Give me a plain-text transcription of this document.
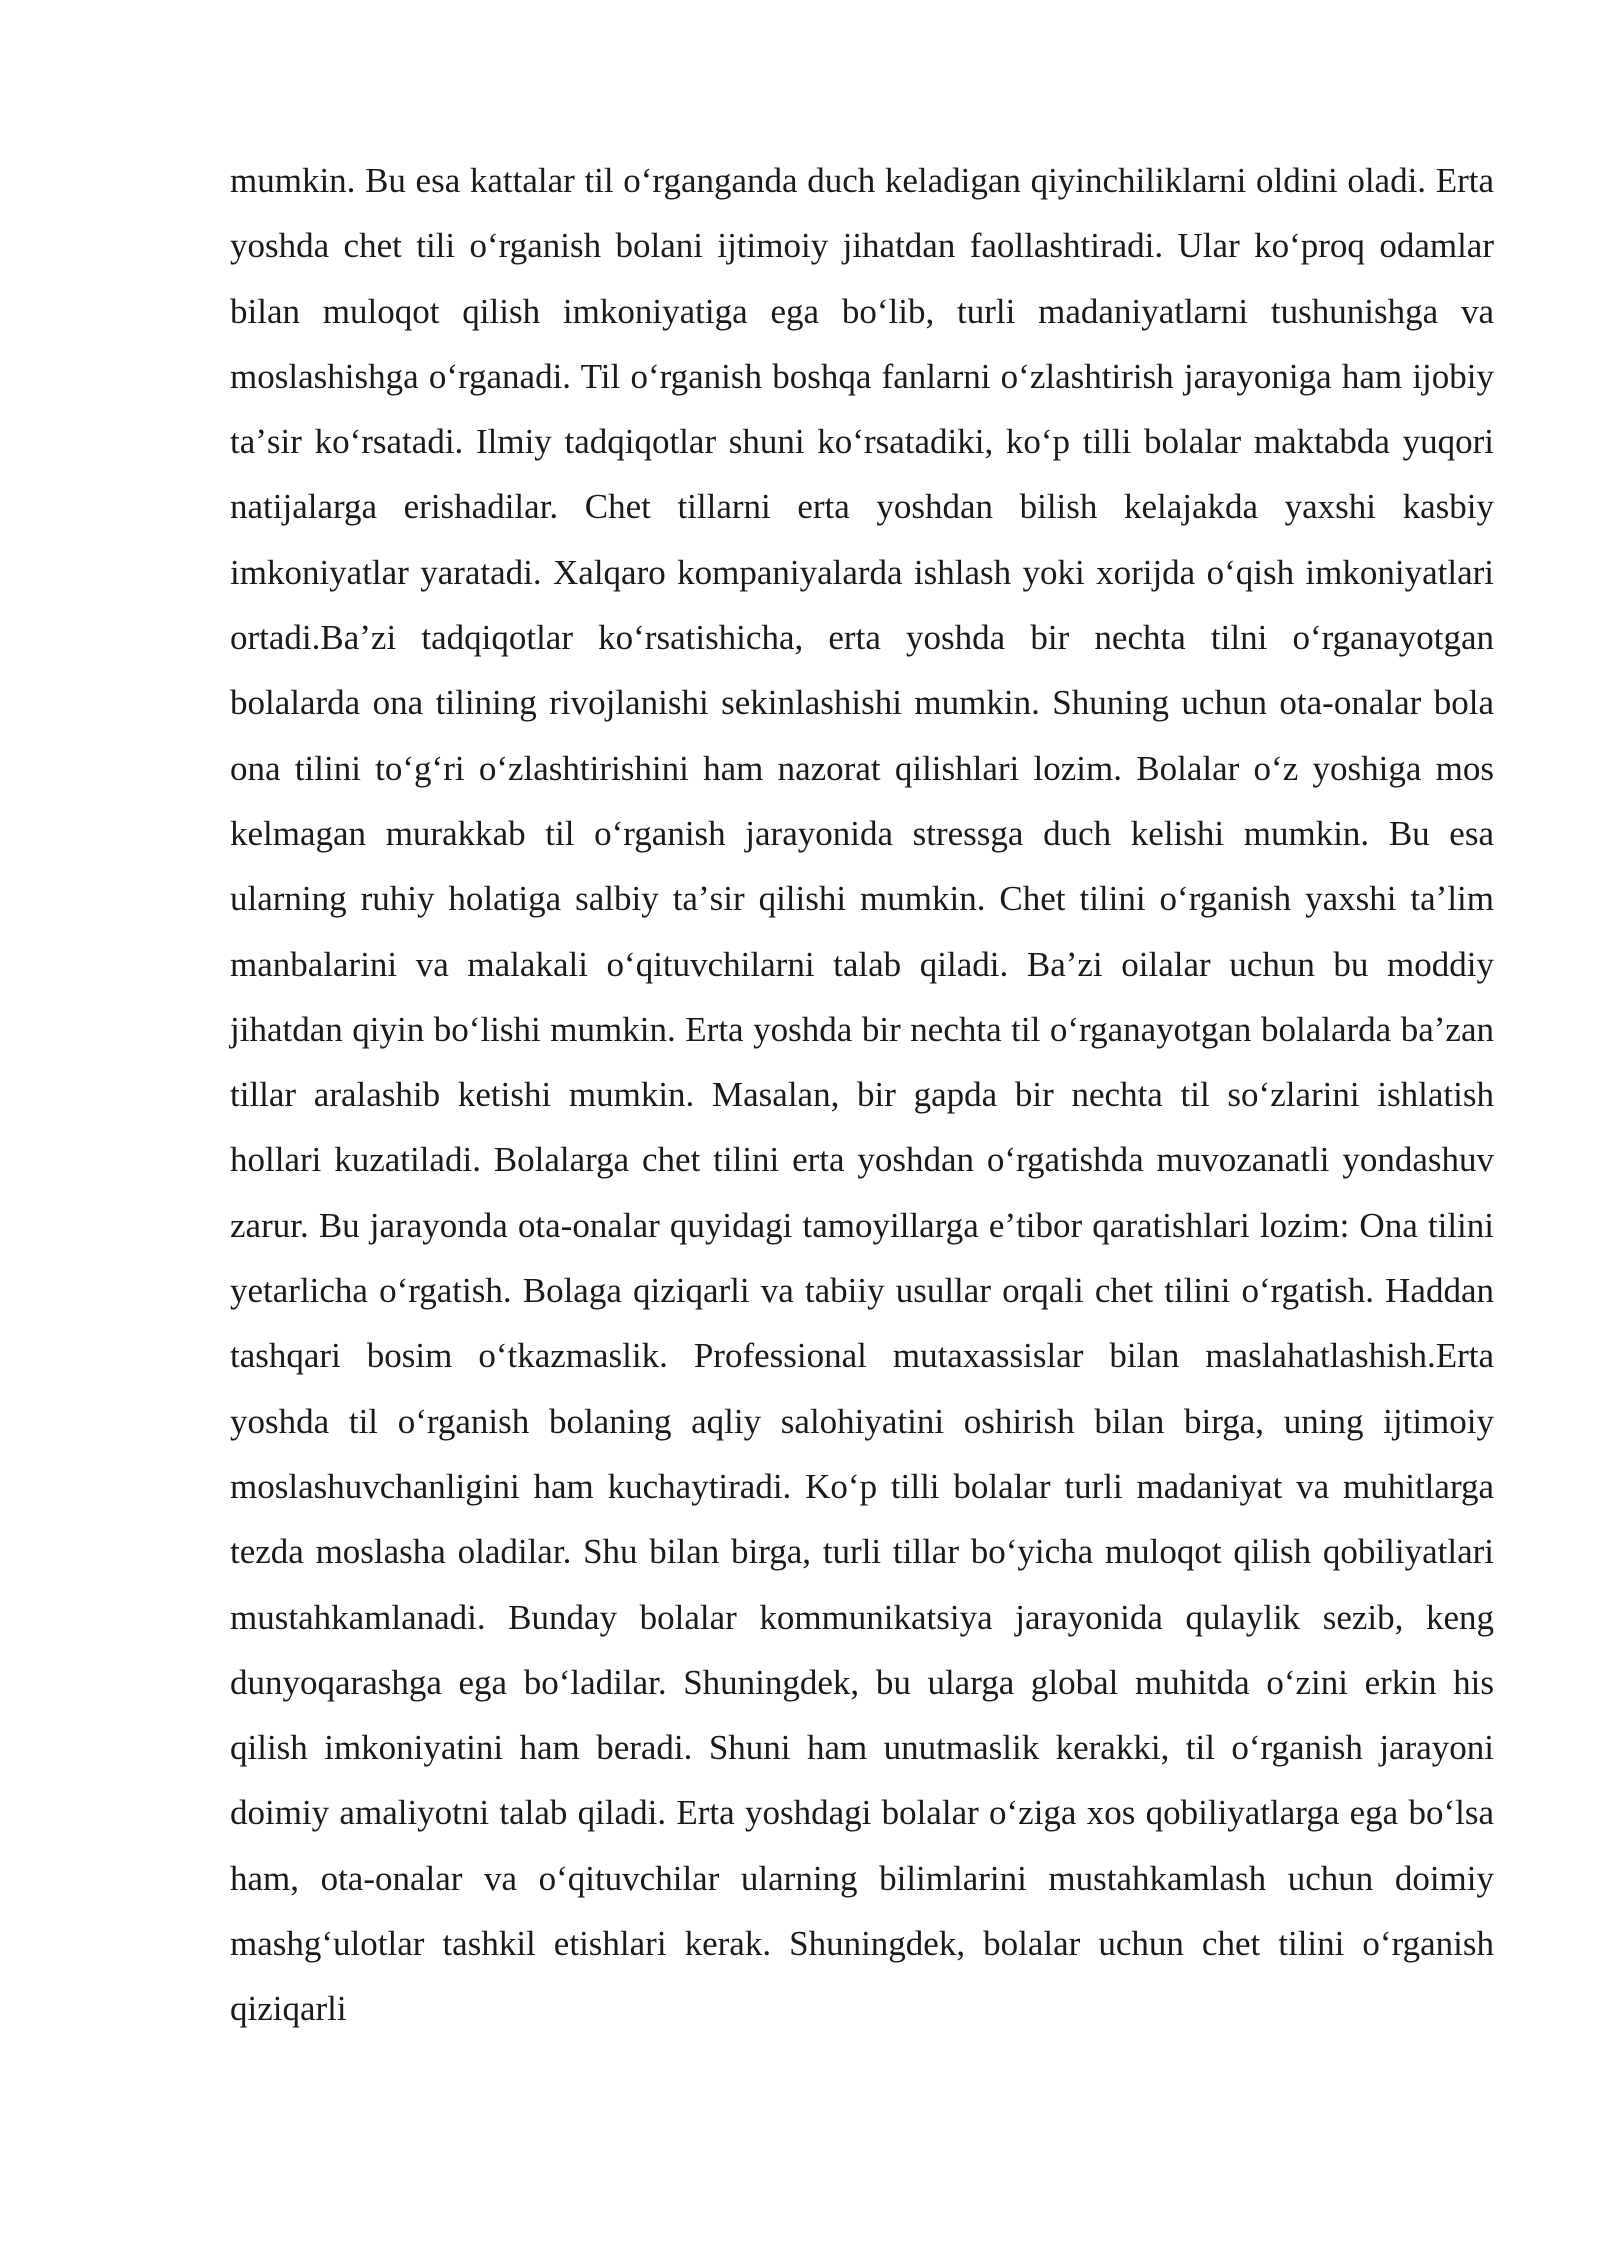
mumkin. Bu esa kattalar til oʻrganganda duch keladigan qiyinchiliklarni oldini oladi. Erta yoshda chet tili oʻrganish bolani ijtimoiy jihatdan faollashtiradi. Ular koʻproq odamlar bilan muloqot qilish imkoniyatiga ega boʻlib, turli madaniyatlarni tushunishga va moslashishga oʻrganadi. Til oʻrganish boshqa fanlarni oʻzlashtirish jarayoniga ham ijobiy taʼsir koʻrsatadi. Ilmiy tadqiqotlar shuni koʻrsatadiki, koʻp tilli bolalar maktabda yuqori natijalarga erishadilar. Chet tillarni erta yoshdan bilish kelajakda yaxshi kasbiy imkoniyatlar yaratadi. Xalqaro kompaniyalarda ishlash yoki xorijda oʻqish imkoniyatlari ortadi.Baʼzi tadqiqotlar koʻrsatishicha, erta yoshda bir nechta tilni oʻrganayotgan bolalarda ona tilining rivojlanishi sekinlashishi mumkin. Shuning uchun ota-onalar bola ona tilini toʻgʻri oʻzlashtirishini ham nazorat qilishlari lozim. Bolalar oʻz yoshiga mos kelmagan murakkab til oʻrganish jarayonida stressga duch kelishi mumkin. Bu esa ularning ruhiy holatiga salbiy taʼsir qilishi mumkin. Chet tilini oʻrganish yaxshi taʼlim manbalarini va malakali oʻqituvchilarni talab qiladi. Baʼzi oilalar uchun bu moddiy jihatdan qiyin boʻlishi mumkin. Erta yoshda bir nechta til oʻrganayotgan bolalarda baʼzan tillar aralashib ketishi mumkin. Masalan, bir gapda bir nechta til soʻzlarini ishlatish hollari kuzatiladi. Bolalarga chet tilini erta yoshdan oʻrgatishda muvozanatli yondashuv zarur. Bu jarayonda ota-onalar quyidagi tamoyillarga eʼtibor qaratishlari lozim: Ona tilini yetarlicha oʻrgatish. Bolaga qiziqarli va tabiiy usullar orqali chet tilini oʻrgatish. Haddan tashqari bosim oʻtkazmaslik. Professional mutaxassislar bilan maslahatlashish.Erta yoshda til oʻrganish bolaning aqliy salohiyatini oshirish bilan birga, uning ijtimoiy moslashuvchanligini ham kuchaytiradi. Koʻp tilli bolalar turli madaniyat va muhitlarga tezda moslasha oladilar. Shu bilan birga, turli tillar boʻyicha muloqot qilish qobiliyatlari mustahkamlanadi. Bunday bolalar kommunikatsiya jarayonida qulaylik sezib, keng dunyoqarashga ega boʻladilar. Shuningdek, bu ularga global muhitda oʻzini erkin his qilish imkoniyatini ham beradi. Shuni ham unutmaslik kerakki, til oʻrganish jarayoni doimiy amaliyotni talab qiladi. Erta yoshdagi bolalar oʻziga xos qobiliyatlarga ega boʻlsa ham, ota-onalar va oʻqituvchilar ularning bilimlarini mustahkamlash uchun doimiy mashgʻulotlar tashkil etishlari kerak. Shuningdek, bolalar uchun chet tilini oʻrganish qiziqarli
